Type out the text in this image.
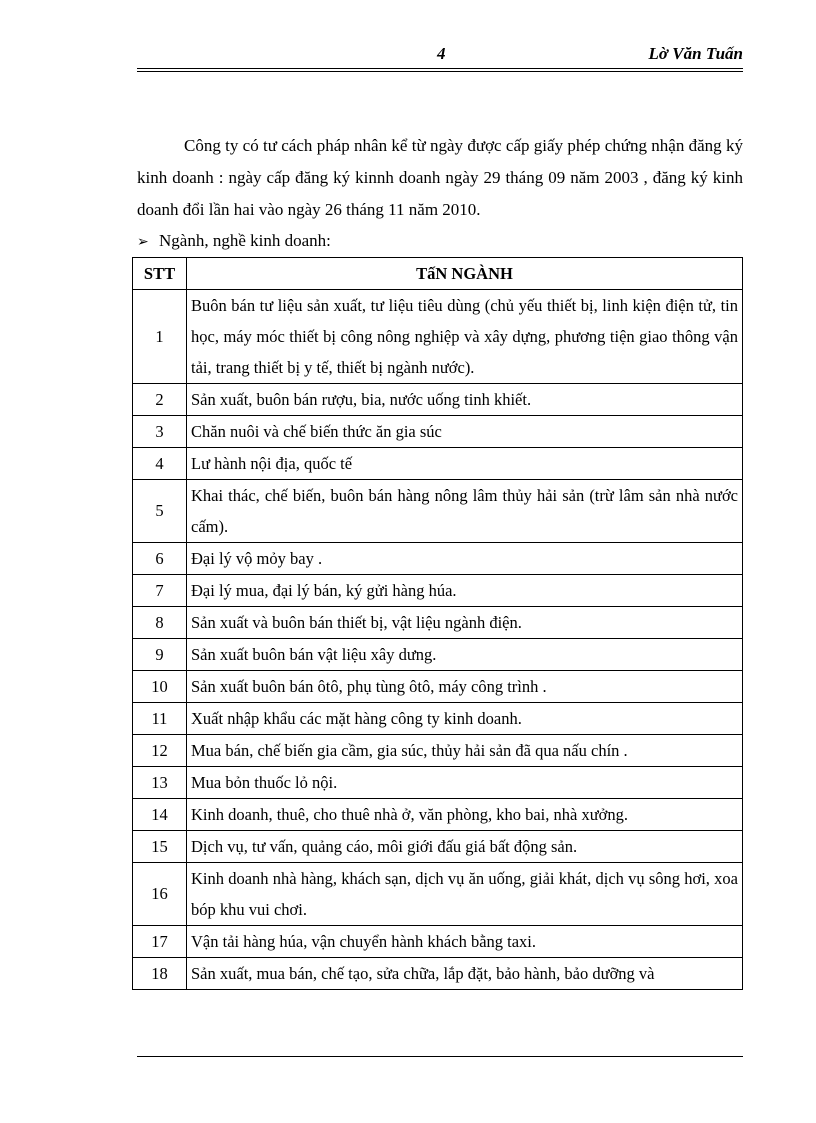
4	Lờ Văn Tuấn

Công ty có tư cách pháp nhân kể từ ngày được cấp giấy phép chứng nhận đăng ký kinh doanh : ngày cấp đăng ký kinnh doanh ngày 29 tháng 09 năm 2003 , đăng ký kinh doanh đổi lần hai vào ngày 26 tháng 11 năm 2010.

➢ Ngành, nghề kinh doanh:
STT	TấN NGÀNH
1	Buôn bán tư liệu sản xuất, tư liệu tiêu dùng (chủ yếu thiết bị, linh kiện điện tử, tin học, máy móc thiết bị công nông nghiệp và xây dựng, phương tiện giao thông vận tải, trang thiết bị y tế, thiết bị ngành nước).
2	Sản xuất, buôn bán rượu, bia, nước uống tinh khiết.
3	Chăn nuôi và chế biến thức ăn gia súc
4	Lư hành nội địa, quốc tế
5	Khai thác, chế biến, buôn bán hàng nông lâm thủy hải sản (trừ lâm sản nhà nước cấm).
6	Đại lý vộ mỏy bay .
7	Đại lý mua, đại lý bán, ký gửi hàng húa.
8	Sản xuất và buôn bán thiết bị, vật liệu ngành điện.
9	Sản xuất buôn bán vật liệu xây dưng.
10	Sản xuất buôn bán ôtô, phụ tùng ôtô, máy công trình .
11	Xuất nhập khẩu các mặt hàng công ty kinh doanh.
12	Mua bán, chế biến gia cầm, gia súc, thủy hải sản đã qua nấu chín .
13	Mua bỏn thuốc lỏ nội.
14	Kinh doanh, thuê, cho thuê nhà ở, văn phòng, kho bai, nhà xưởng.
15	Dịch vụ, tư vấn, quảng cáo, môi giới đấu giá bất động sản.
16	Kinh doanh nhà hàng, khách sạn, dịch vụ ăn uống, giải khát, dịch vụ sông hơi, xoa bóp khu vui chơi.
17	Vận tải hàng húa, vận chuyển hành khách bằng taxi.
18	Sản xuất, mua bán, chế tạo, sửa chữa, lắp đặt, bảo hành, bảo dưỡng và
